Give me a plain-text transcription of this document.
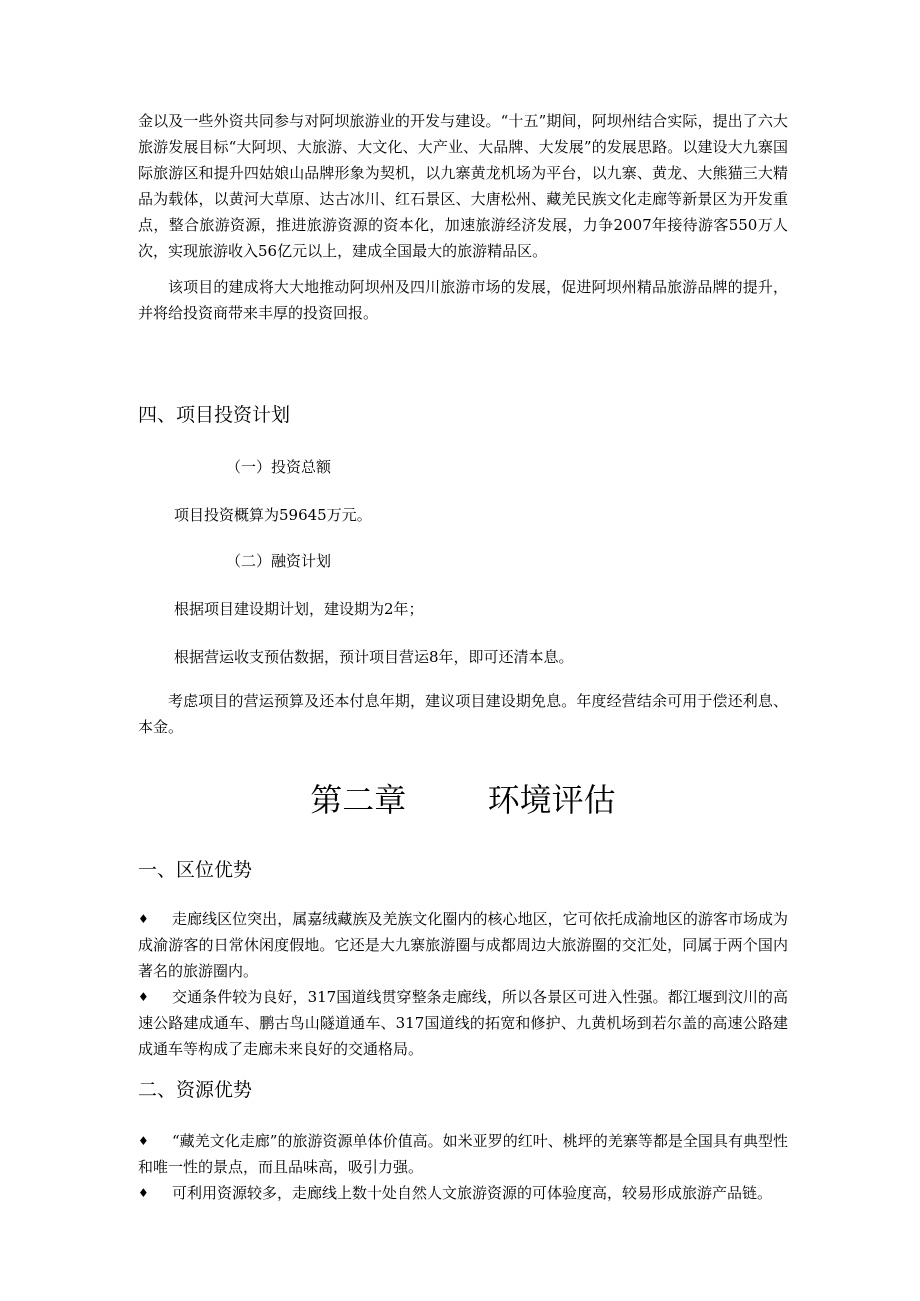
金以及一些外资共同参与对阿坝旅游业的开发与建设。“十五”期间，阿坝州结合实际，提出了六大旅游发展目标“大阿坝、大旅游、大文化、大产业、大品牌、大发展”的发展思路。以建设大九寨国际旅游区和提升四姑娘山品牌形象为契机，以九寨黄龙机场为平台，以九寨、黄龙、大熊猫三大精品为载体，以黄河大草原、达古冰川、红石景区、大唐松州、藏羌民族文化走廊等新景区为开发重点，整合旅游资源，推进旅游资源的资本化，加速旅游经济发展，力争2007年接待游客550万人次，实现旅游收入56亿元以上，建成全国最大的旅游精品区。

该项目的建成将大大地推动阿坝州及四川旅游市场的发展，促进阿坝州精品旅游品牌的提升，并将给投资商带来丰厚的投资回报。

四、项目投资计划

（一）投资总额

项目投资概算为59645万元。

（二）融资计划

根据项目建设期计划，建设期为2年；

根据营运收支预估数据，预计项目营运8年，即可还清本息。

考虑项目的营运预算及还本付息年期，建议项目建设期免息。年度经营结余可用于偿还利息、本金。

第二章        环境评估
一、区位优势
♦ 走廊线区位突出，属嘉绒藏族及羌族文化圈内的核心地区，它可依托成渝地区的游客市场成为成渝游客的日常休闲度假地。它还是大九寨旅游圈与成都周边大旅游圈的交汇处，同属于两个国内著名的旅游圈内。
♦ 交通条件较为良好，317国道线贯穿整条走廊线，所以各景区可进入性强。都江堰到汶川的高速公路建成通车、鹏古鸟山隧道通车、317国道线的拓宽和修护、九黄机场到若尔盖的高速公路建成通车等构成了走廊未来良好的交通格局。
二、资源优势
♦ “藏羌文化走廊”的旅游资源单体价值高。如米亚罗的红叶、桃坪的羌寨等都是全国具有典型性和唯一性的景点，而且品味高，吸引力强。
♦ 可利用资源较多，走廊线上数十处自然人文旅游资源的可体验度高，较易形成旅游产品链。
